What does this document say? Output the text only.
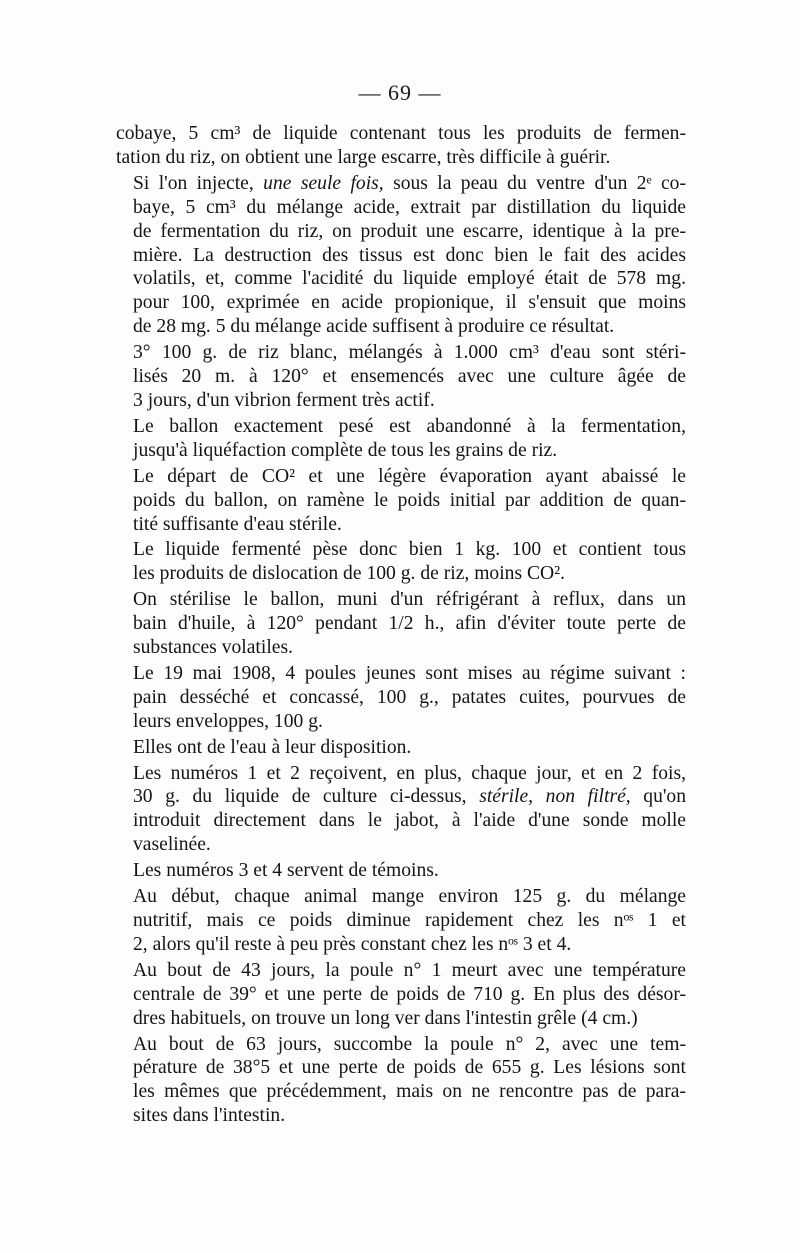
— 69 —

cobaye, 5 cm³ de liquide contenant tous les produits de fermen-
tation du riz, on obtient une large escarre, très difficile à guérir.

Si l'on injecte, une seule fois, sous la peau du ventre d'un 2ᵉ co-
baye, 5 cm³ du mélange acide, extrait par distillation du liquide
de fermentation du riz, on produit une escarre, identique à la pre-
mière. La destruction des tissus est donc bien le fait des acides
volatils, et, comme l'acidité du liquide employé était de 578 mg.
pour 100, exprimée en acide propionique, il s'ensuit que moins
de 28 mg. 5 du mélange acide suffisent à produire ce résultat.

3° 100 g. de riz blanc, mélangés à 1.000 cm³ d'eau sont stéri-
lisés 20 m. à 120° et ensemencés avec une culture âgée de
3 jours, d'un vibrion ferment très actif.

Le ballon exactement pesé est abandonné à la fermentation,
jusqu'à liquéfaction complète de tous les grains de riz.

Le départ de CO² et une légère évaporation ayant abaissé le
poids du ballon, on ramène le poids initial par addition de quan-
tité suffisante d'eau stérile.

Le liquide fermenté pèse donc bien 1 kg. 100 et contient tous
les produits de dislocation de 100 g. de riz, moins CO².

On stérilise le ballon, muni d'un réfrigérant à reflux, dans un
bain d'huile, à 120° pendant 1/2 h., afin d'éviter toute perte de
substances volatiles.

Le 19 mai 1908, 4 poules jeunes sont mises au régime suivant :
pain desséché et concassé, 100 g., patates cuites, pourvues de
leurs enveloppes, 100 g.

Elles ont de l'eau à leur disposition.

Les numéros 1 et 2 reçoivent, en plus, chaque jour, et en 2 fois,
30 g. du liquide de culture ci-dessus, stérile, non filtré, qu'on
introduit directement dans le jabot, à l'aide d'une sonde molle
vaselinée.

Les numéros 3 et 4 servent de témoins.

Au début, chaque animal mange environ 125 g. du mélange
nutritif, mais ce poids diminue rapidement chez les nᵒˢ 1 et
2, alors qu'il reste à peu près constant chez les nᵒˢ 3 et 4.

Au bout de 43 jours, la poule n° 1 meurt avec une température
centrale de 39° et une perte de poids de 710 g. En plus des désor-
dres habituels, on trouve un long ver dans l'intestin grêle (4 cm.)

Au bout de 63 jours, succombe la poule n° 2, avec une tem-
pérature de 38°5 et une perte de poids de 655 g. Les lésions sont
les mêmes que précédemment, mais on ne rencontre pas de para-
sites dans l'intestin.
